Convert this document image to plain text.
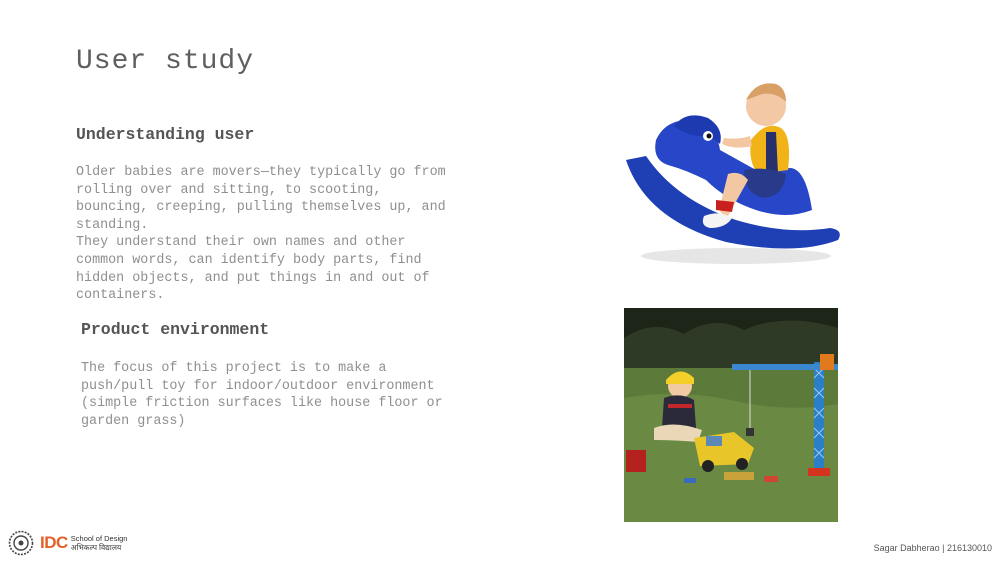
User study
Understanding user

Older babies are movers—they typically go from

rolling over and sitting, to scooting,

bouncing, creeping, pulling themselves up, and

standing.

They understand their own names and other

common words, can identify body parts, find

hidden objects, and put things in and out of

containers.

Product environment

The focus of this project is to make a

push/pull toy for indoor/outdoor environment

(simple friction surfaces like house floor or

garden grass)

IDC School of Design
अभिकल्प विद्यालय	Sagar Dabherao | 216130010
